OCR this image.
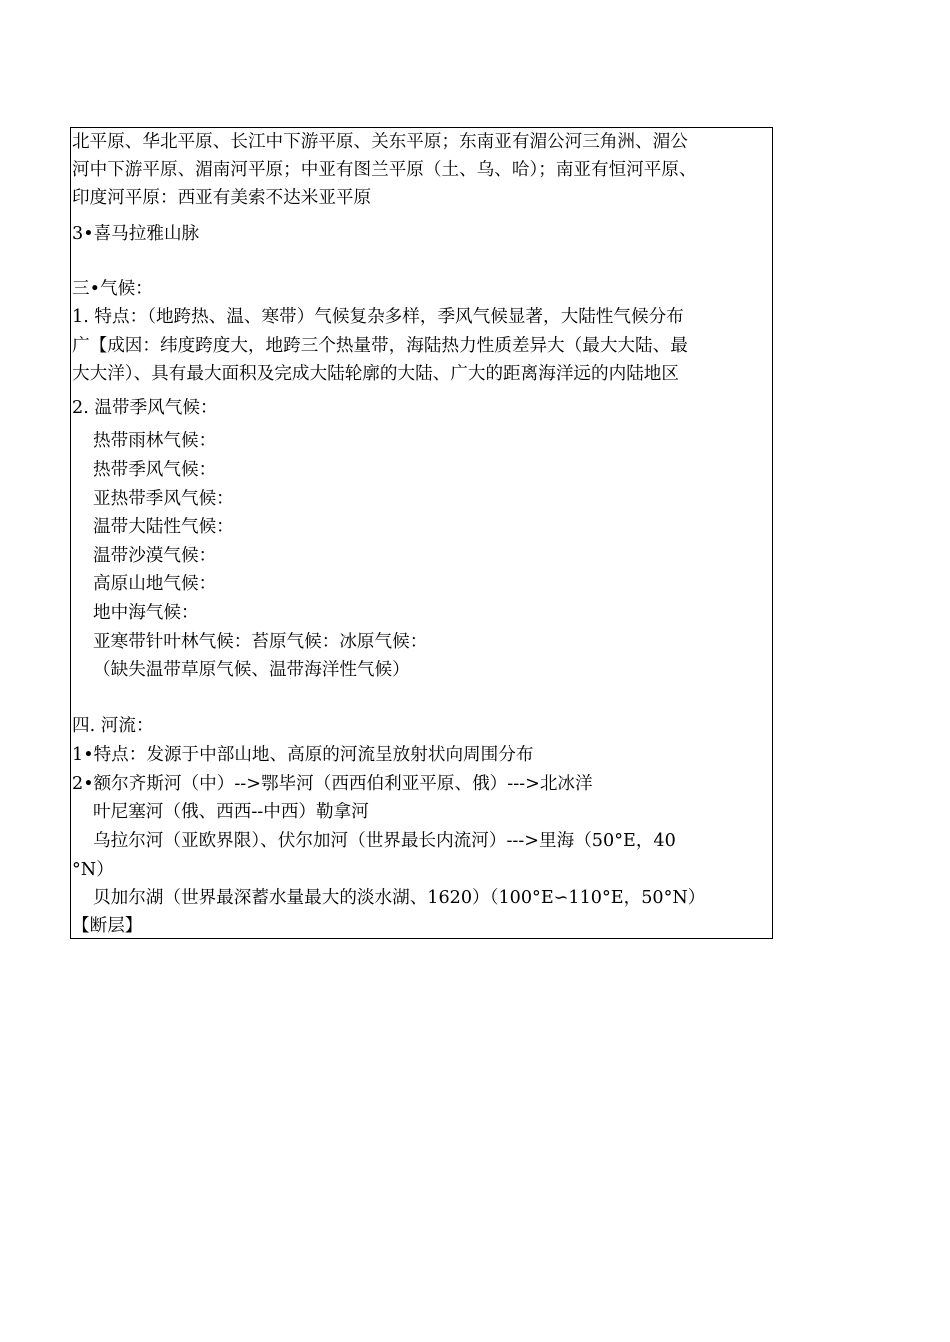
北平原、华北平原、长江中下游平原、关东平原；东南亚有湄公河三角洲、湄公
河中下游平原、湄南河平原；中亚有图兰平原（土、乌、哈）；南亚有恒河平原、
印度河平原：西亚有美索不达米亚平原
3•喜马拉雅山脉
三•气候：
1. 特点：（地跨热、温、寒带）气候复杂多样，季风气候显著，大陆性气候分布
广【成因：纬度跨度大，地跨三个热量带，海陆热力性质差异大（最大大陆、最
大大洋）、具有最大面积及完成大陆轮廓的大陆、广大的距离海洋远的内陆地区
2. 温带季风气候：
热带雨林气候：
热带季风气候：
亚热带季风气候：
温带大陆性气候：
温带沙漠气候：
高原山地气候：
地中海气候：
亚寒带针叶林气候：苔原气候：冰原气候：
（缺失温带草原气候、温带海洋性气候）
四. 河流：
1•特点：发源于中部山地、高原的河流呈放射状向周围分布
2•额尔齐斯河（中）-->鄂毕河（西西伯利亚平原、俄）--->北冰洋
叶尼塞河（俄、西西--中西）勒拿河
乌拉尔河（亚欧界限）、伏尔加河（世界最长内流河）--->里海（50°E，40
°N）
贝加尔湖（世界最深蓄水量最大的淡水湖、1620）（100°E∽110°E，50°N）
【断层】
